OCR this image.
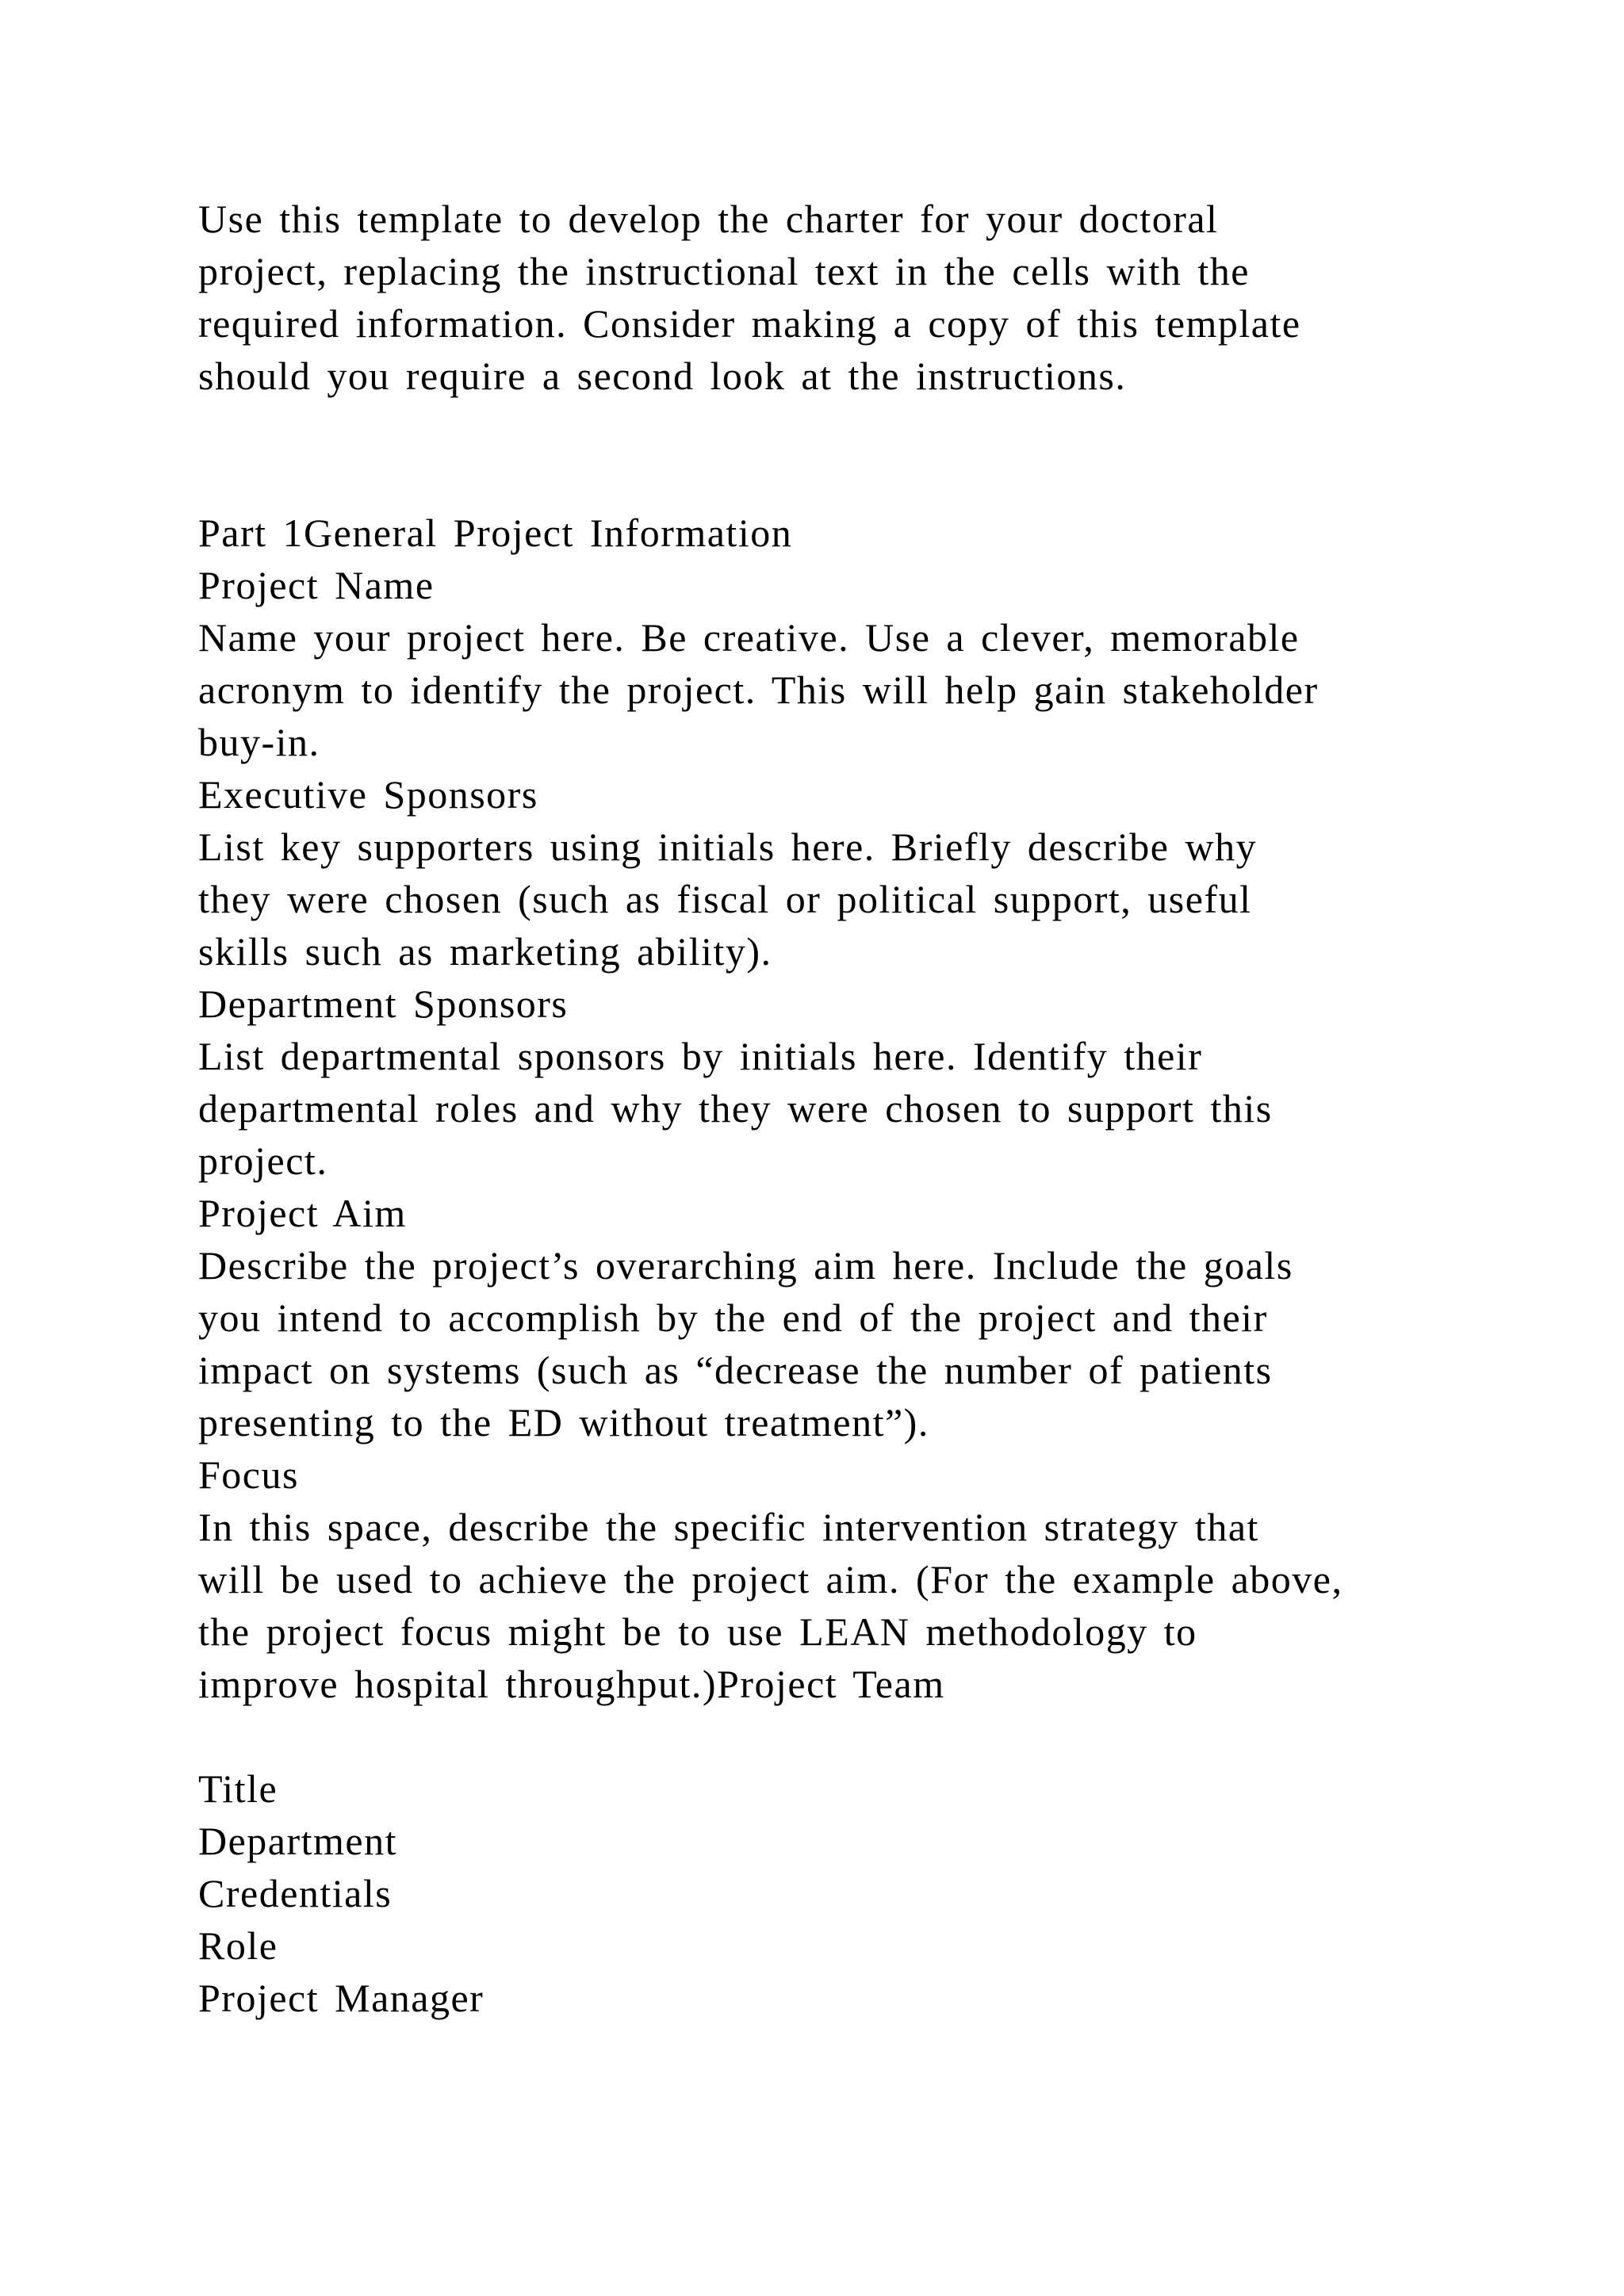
Use this template to develop the charter for your doctoral
project, replacing the instructional text in the cells with the
required information. Consider making a copy of this template
should you require a second look at the instructions.
Part 1General Project Information
Project Name
Name your project here. Be creative. Use a clever, memorable
acronym to identify the project. This will help gain stakeholder
buy-in.
Executive Sponsors
List key supporters using initials here. Briefly describe why
they were chosen (such as fiscal or political support, useful
skills such as marketing ability).
Department Sponsors
List departmental sponsors by initials here. Identify their
departmental roles and why they were chosen to support this
project.
Project Aim
Describe the project’s overarching aim here. Include the goals
you intend to accomplish by the end of the project and their
impact on systems (such as “decrease the number of patients
presenting to the ED without treatment”).
Focus
In this space, describe the specific intervention strategy that
will be used to achieve the project aim. (For the example above,
the project focus might be to use LEAN methodology to
improve hospital throughput.)Project Team
Title
Department
Credentials
Role
Project Manager
